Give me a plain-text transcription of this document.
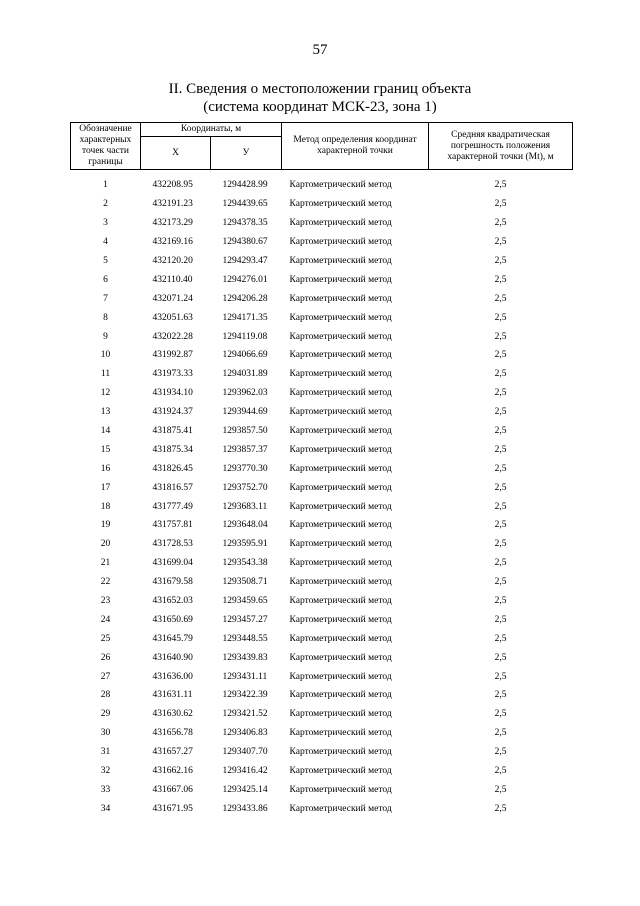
57
II. Сведения о местоположении границ объекта
(система координат МСК-23, зона 1)
Обозначение характерных точек части границы	Координаты, м		Метод определения координат характерной точки	Средняя квадратическая погрешность положения характерной точки (Мt), м
	X	У		
1	432208.95	1294428.99	Картометрический метод	2,5
2	432191.23	1294439.65	Картометрический метод	2,5
3	432173.29	1294378.35	Картометрический метод	2,5
4	432169.16	1294380.67	Картометрический метод	2,5
5	432120.20	1294293.47	Картометрический метод	2,5
6	432110.40	1294276.01	Картометрический метод	2,5
7	432071.24	1294206.28	Картометрический метод	2,5
8	432051.63	1294171.35	Картометрический метод	2,5
9	432022.28	1294119.08	Картометрический метод	2,5
10	431992.87	1294066.69	Картометрический метод	2,5
11	431973.33	1294031.89	Картометрический метод	2,5
12	431934.10	1293962.03	Картометрический метод	2,5
13	431924.37	1293944.69	Картометрический метод	2,5
14	431875.41	1293857.50	Картометрический метод	2,5
15	431875.34	1293857.37	Картометрический метод	2,5
16	431826.45	1293770.30	Картометрический метод	2,5
17	431816.57	1293752.70	Картометрический метод	2,5
18	431777.49	1293683.11	Картометрический метод	2,5
19	431757.81	1293648.04	Картометрический метод	2,5
20	431728.53	1293595.91	Картометрический метод	2,5
21	431699.04	1293543.38	Картометрический метод	2,5
22	431679.58	1293508.71	Картометрический метод	2,5
23	431652.03	1293459.65	Картометрический метод	2,5
24	431650.69	1293457.27	Картометрический метод	2,5
25	431645.79	1293448.55	Картометрический метод	2,5
26	431640.90	1293439.83	Картометрический метод	2,5
27	431636.00	1293431.11	Картометрический метод	2,5
28	431631.11	1293422.39	Картометрический метод	2,5
29	431630.62	1293421.52	Картометрический метод	2,5
30	431656.78	1293406.83	Картометрический метод	2,5
31	431657.27	1293407.70	Картометрический метод	2,5
32	431662.16	1293416.42	Картометрический метод	2,5
33	431667.06	1293425.14	Картометрический метод	2,5
34	431671.95	1293433.86	Картометрический метод	2,5
